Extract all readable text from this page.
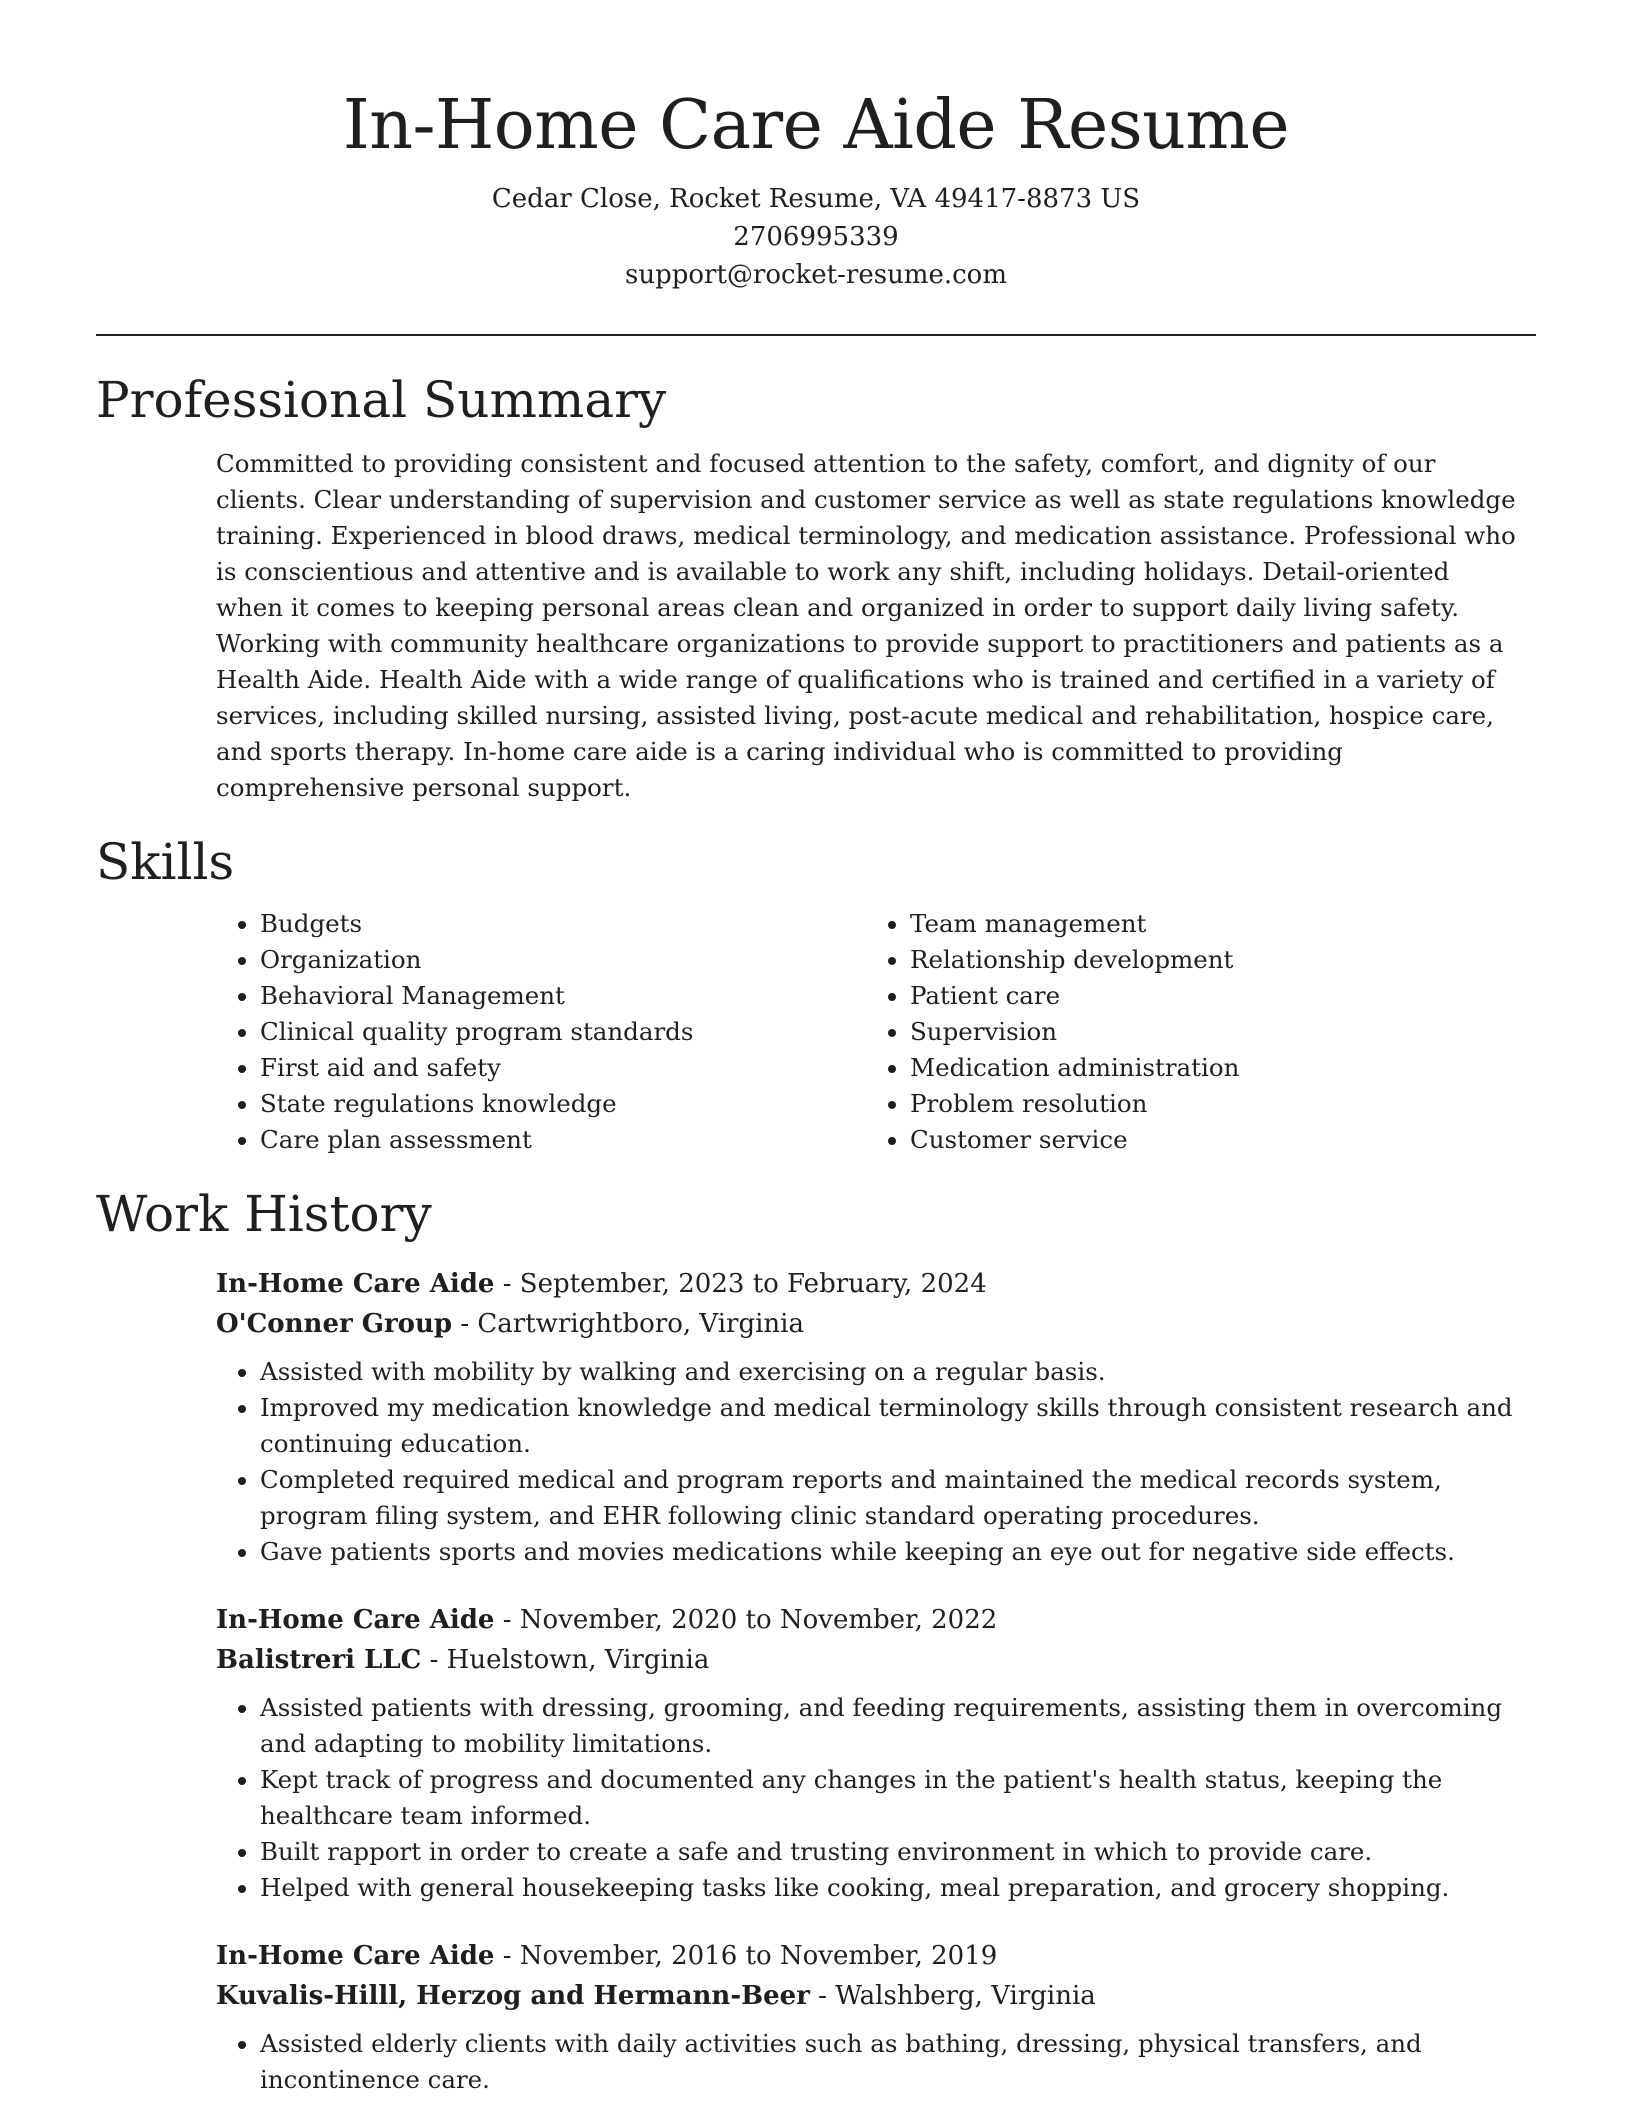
In-Home Care Aide Resume

Cedar Close, Rocket Resume, VA 49417-8873 US

2706995339

support@rocket-resume.com

Professional Summary

Committed to providing consistent and focused attention to the safety, comfort, and dignity of our clients. Clear understanding of supervision and customer service as well as state regulations knowledge training. Experienced in blood draws, medical terminology, and medication assistance. Professional who is conscientious and attentive and is available to work any shift, including holidays. Detail-oriented when it comes to keeping personal areas clean and organized in order to support daily living safety. Working with community healthcare organizations to provide support to practitioners and patients as a Health Aide. Health Aide with a wide range of qualifications who is trained and certified in a variety of services, including skilled nursing, assisted living, post-acute medical and rehabilitation, hospice care, and sports therapy. In-home care aide is a caring individual who is committed to providing comprehensive personal support.

Skills
• Budgets
• Organization
• Behavioral Management
• Clinical quality program standards
• First aid and safety
• State regulations knowledge
• Care plan assessment
• Team management
• Relationship development
• Patient care
• Supervision
• Medication administration
• Problem resolution
• Customer service
Work History

In-Home Care Aide - September, 2023 to February, 2024

O'Conner Group - Cartwrightboro, Virginia

• Assisted with mobility by walking and exercising on a regular basis.
• Improved my medication knowledge and medical terminology skills through consistent research and continuing education.
• Completed required medical and program reports and maintained the medical records system, program filing system, and EHR following clinic standard operating procedures.
• Gave patients sports and movies medications while keeping an eye out for negative side effects.

In-Home Care Aide - November, 2020 to November, 2022

Balistreri LLC - Huelstown, Virginia

• Assisted patients with dressing, grooming, and feeding requirements, assisting them in overcoming and adapting to mobility limitations.
• Kept track of progress and documented any changes in the patient's health status, keeping the healthcare team informed.
• Built rapport in order to create a safe and trusting environment in which to provide care.
• Helped with general housekeeping tasks like cooking, meal preparation, and grocery shopping.

In-Home Care Aide - November, 2016 to November, 2019

Kuvalis-Hilll, Herzog and Hermann-Beer - Walshberg, Virginia

• Assisted elderly clients with daily activities such as bathing, dressing, physical transfers, and incontinence care.
